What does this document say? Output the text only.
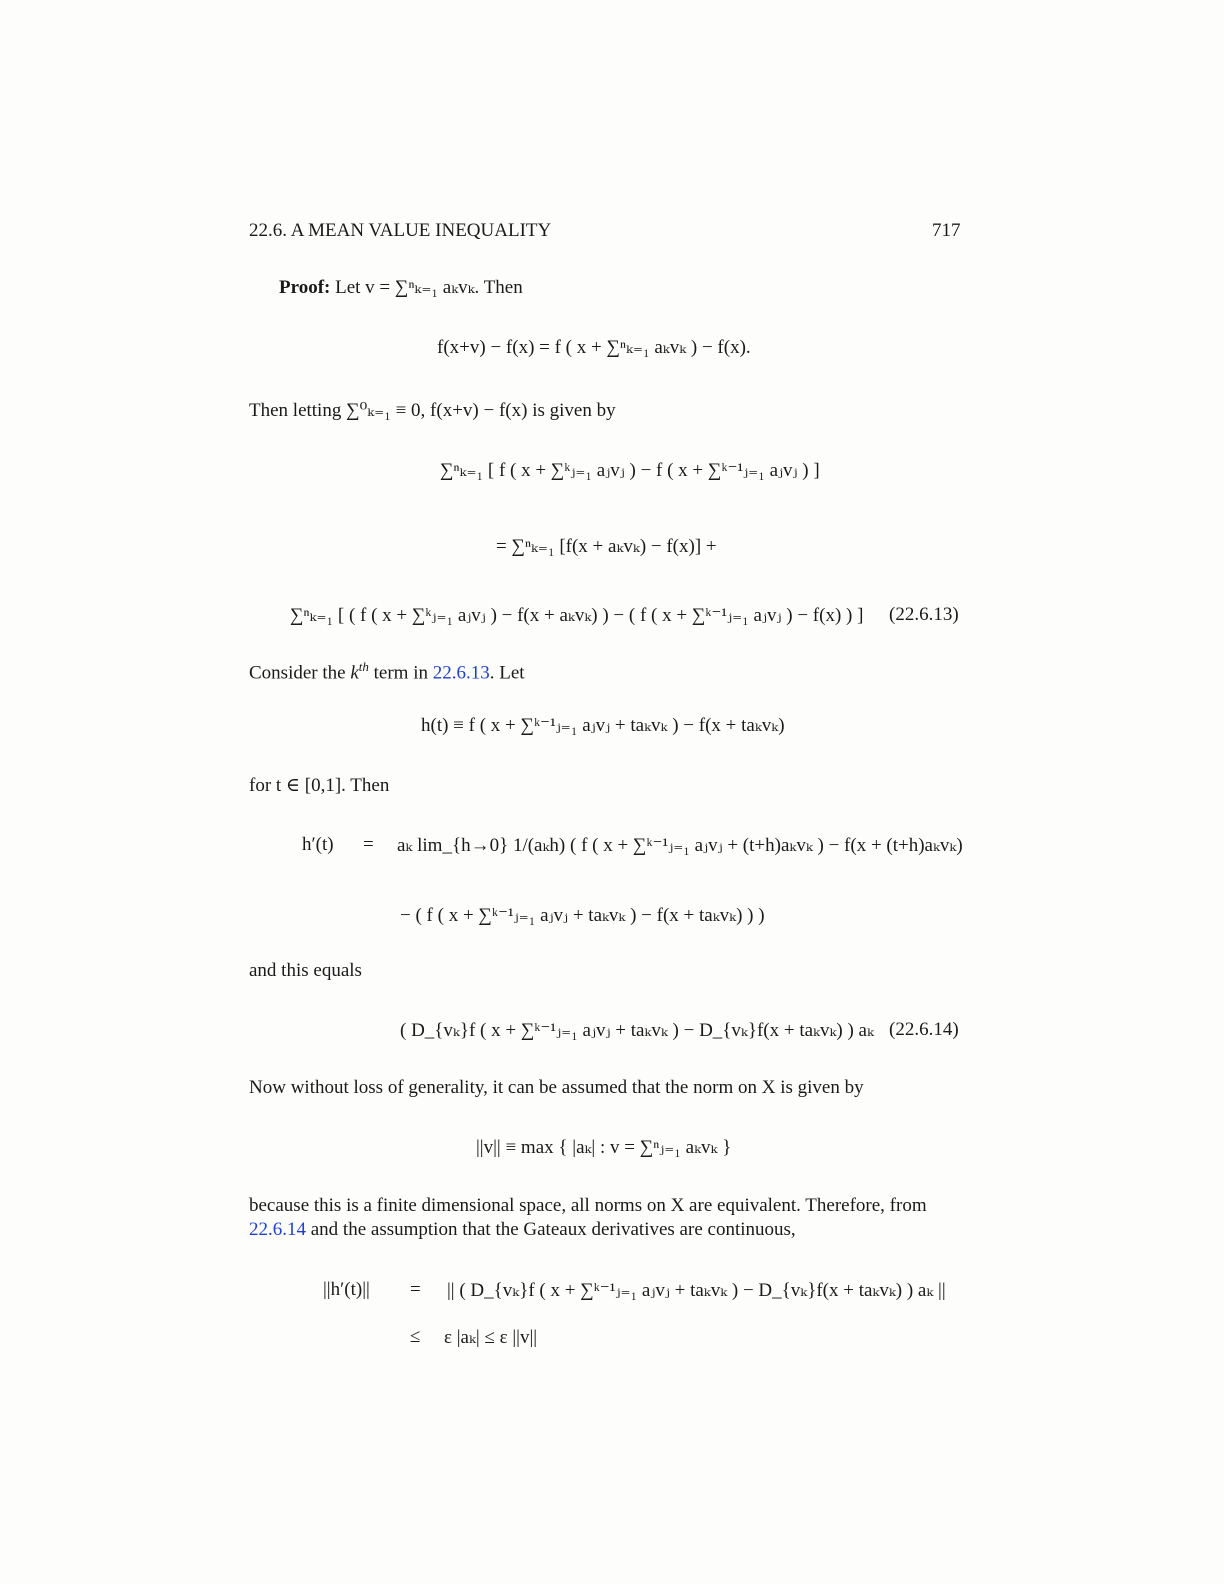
22.6. A MEAN VALUE INEQUALITY	717
Proof: Let v = ∑ⁿₖ₌₁ aₖvₖ. Then
f(x+v) − f(x) = f ( x + ∑ⁿₖ₌₁ aₖvₖ ) − f(x).
Then letting ∑⁰ₖ₌₁ ≡ 0, f(x+v) − f(x) is given by
∑ⁿₖ₌₁ [ f ( x + ∑ᵏⱼ₌₁ aⱼvⱼ ) − f ( x + ∑ᵏ⁻¹ⱼ₌₁ aⱼvⱼ ) ]
= ∑ⁿₖ₌₁ [f(x + aₖvₖ) − f(x)] +
∑ⁿₖ₌₁ [ ( f ( x + ∑ᵏⱼ₌₁ aⱼvⱼ ) − f(x + aₖvₖ) ) − ( f ( x + ∑ᵏ⁻¹ⱼ₌₁ aⱼvⱼ ) − f(x) ) ] (22.6.13)
Consider the $k^{th}$ term in 22.6.13. Let
h(t) ≡ f ( x + ∑ᵏ⁻¹ⱼ₌₁ aⱼvⱼ + taₖvₖ ) − f(x + taₖvₖ)
for t ∈ [0,1]. Then
h′(t) = aₖ lim_{h→0} 1/(aₖh) ( f ( x + ∑ᵏ⁻¹ⱼ₌₁ aⱼvⱼ + (t+h)aₖvₖ ) − f(x + (t+h)aₖvₖ)
− ( f ( x + ∑ᵏ⁻¹ⱼ₌₁ aⱼvⱼ + taₖvₖ ) − f(x + taₖvₖ) ) )
and this equals
( D_{vₖ}f ( x + ∑ᵏ⁻¹ⱼ₌₁ aⱼvⱼ + taₖvₖ ) − D_{vₖ}f(x + taₖvₖ) ) aₖ (22.6.14)
Now without loss of generality, it can be assumed that the norm on X is given by
||v|| ≡ max { |aₖ| : v = ∑ⁿⱼ₌₁ aₖvₖ }
because this is a finite dimensional space, all norms on X are equivalent. Therefore, from
22.6.14 and the assumption that the Gateaux derivatives are continuous,
||h′(t)|| = || ( D_{vₖ}f ( x + ∑ᵏ⁻¹ⱼ₌₁ aⱼvⱼ + taₖvₖ ) − D_{vₖ}f(x + taₖvₖ) ) aₖ ||
≤ ε |aₖ| ≤ ε ||v||
